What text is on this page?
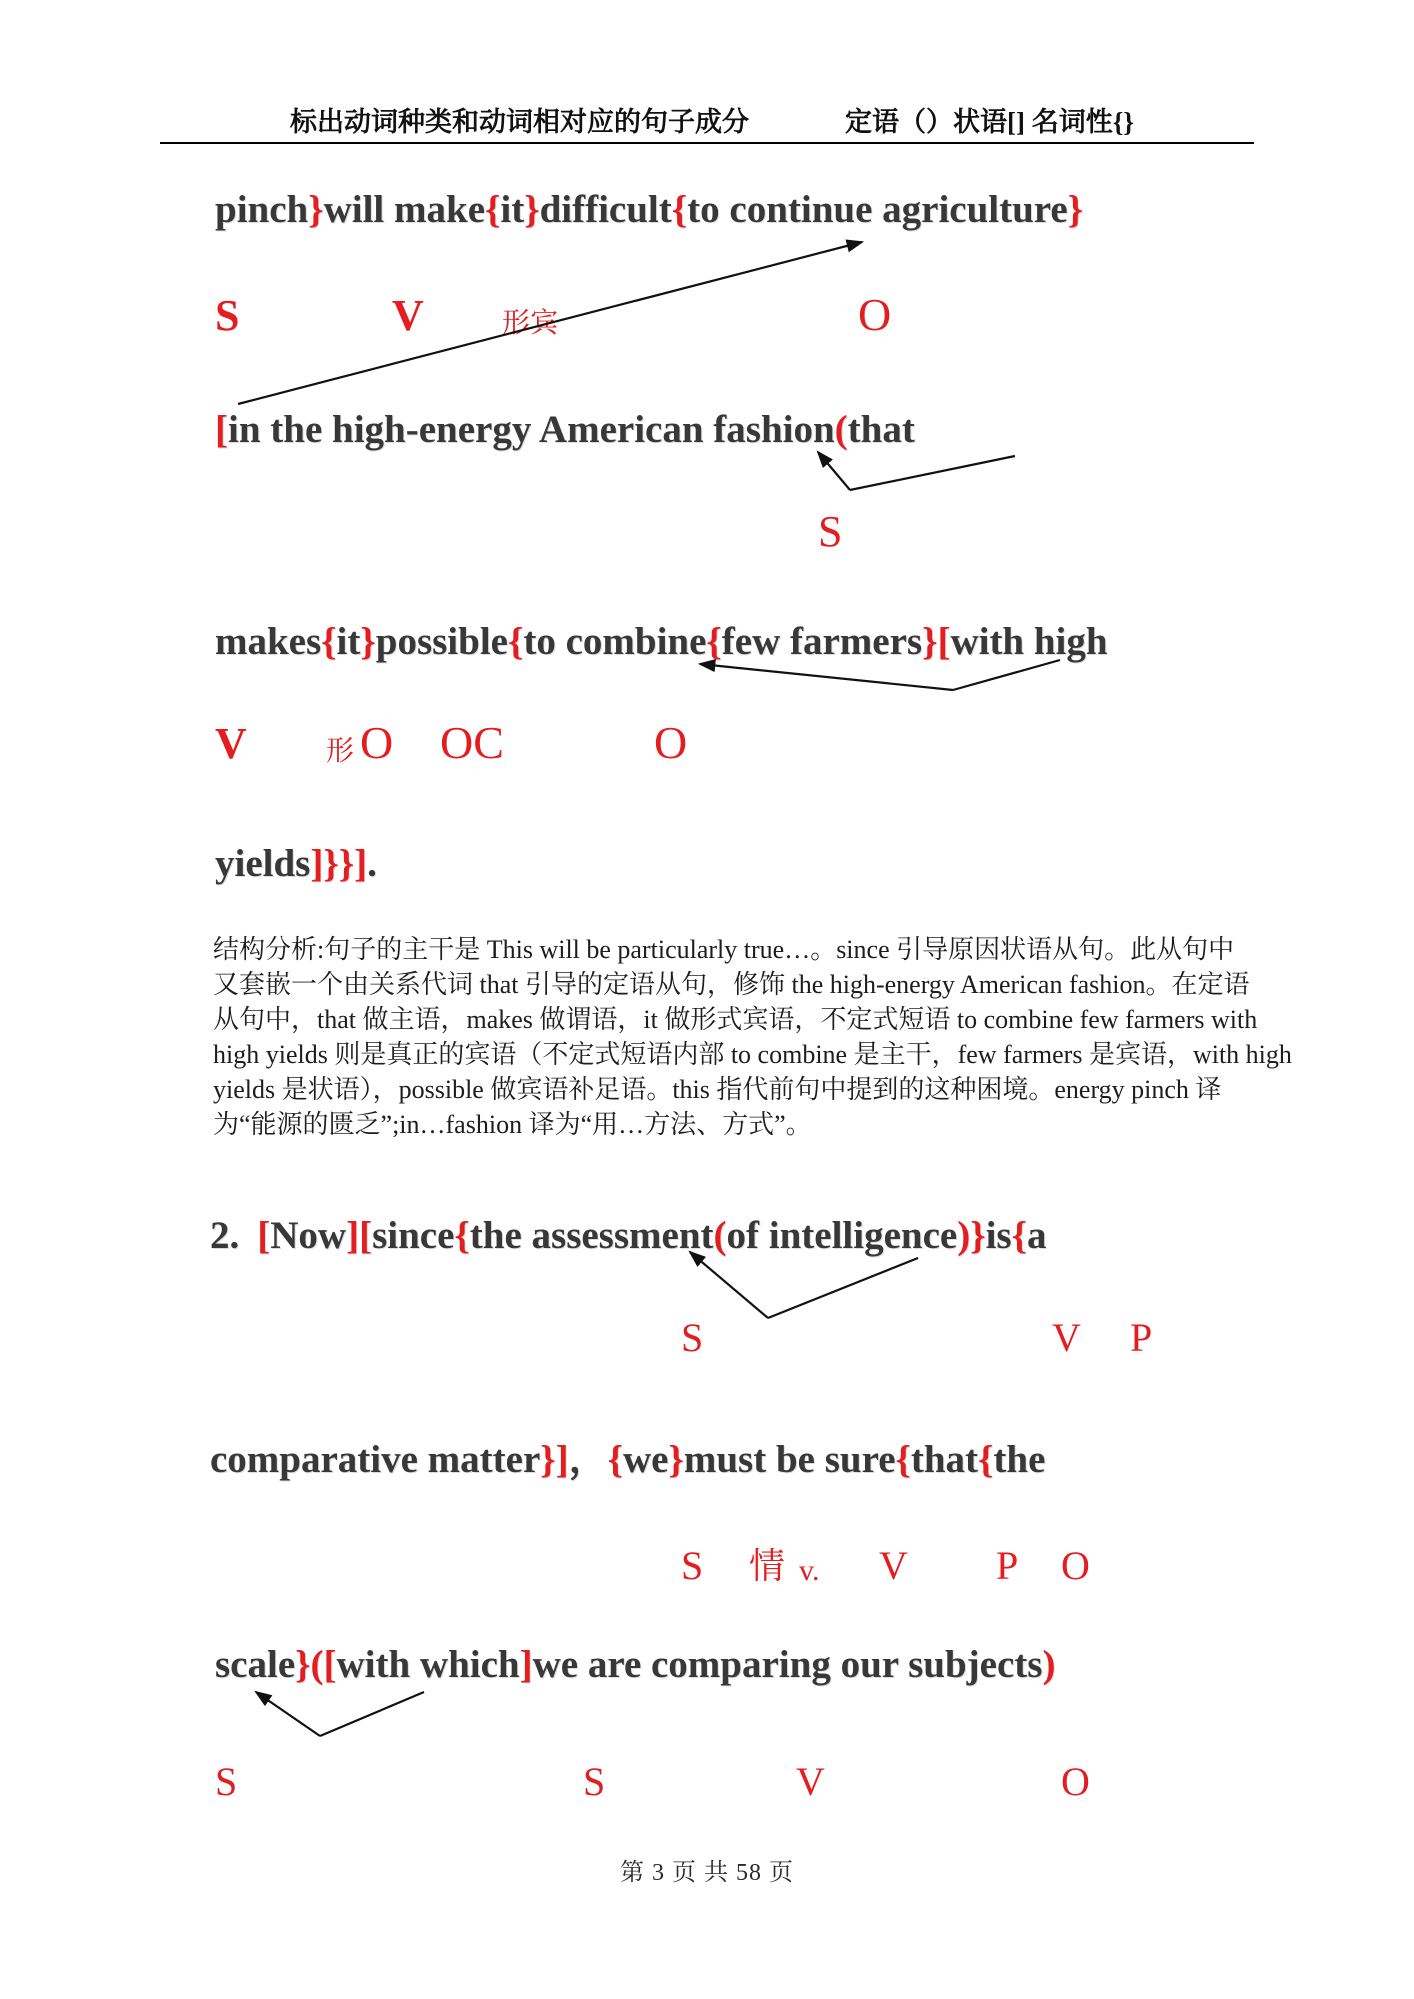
标出动词种类和动词相对应的句子成分	定语（）状语[] 名词性{}
pinch}will make{it}difficult{to continue agriculture}
S	V	形宾	O
[in the high-energy American fashion(that
S
makes{it}possible{to combine{few farmers}[with high
V	形 O OC	O
yields]}}].
结构分析:句子的主干是 This will be particularly true…。since 引导原因状语从句。此从句中
又套嵌一个由关系代词 that 引导的定语从句，修饰 the high-energy American fashion。在定语
从句中，that 做主语，makes 做谓语，it 做形式宾语，不定式短语 to combine few farmers with
high yields 则是真正的宾语（不定式短语内部 to combine 是主干，few farmers 是宾语，with high
yields 是状语），possible 做宾语补足语。this 指代前句中提到的这种困境。energy pinch 译
为“能源的匮乏”;in…fashion 译为“用…方法、方式”。
2. [Now][since{the assessment(of intelligence)}is{a
S	V P
comparative matter}]，{we}must be sure{that{the
S 情 v. V P O
scale}([with which]we are comparing our subjects)
S	S	V	O
第 3 页 共 58 页
